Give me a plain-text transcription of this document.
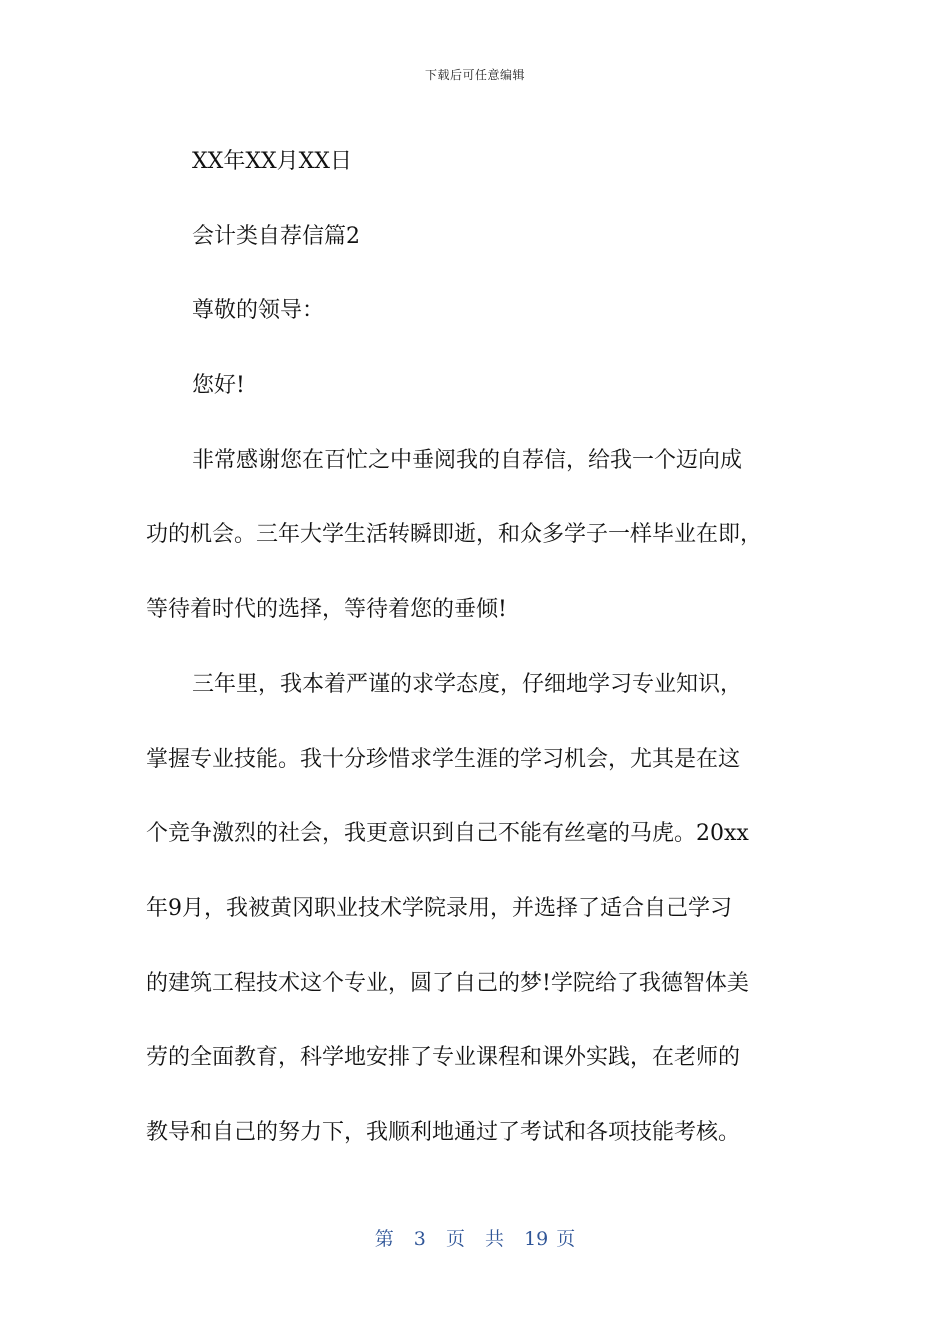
下载后可任意编辑
XX年XX月XX日
会计类自荐信篇2
尊敬的领导：
您好!
非常感谢您在百忙之中垂阅我的自荐信，给我一个迈向成
功的机会。三年大学生活转瞬即逝，和众多学子一样毕业在即，
等待着时代的选择，等待着您的垂倾!
三年里，我本着严谨的求学态度，仔细地学习专业知识，
掌握专业技能。我十分珍惜求学生涯的学习机会，尤其是在这
个竞争激烈的社会，我更意识到自己不能有丝毫的马虎。20xx
年9月，我被黄冈职业技术学院录用，并选择了适合自己学习
的建筑工程技术这个专业，圆了自己的梦!学院给了我德智体美
劳的全面教育，科学地安排了专业课程和课外实践，在老师的
教导和自己的努力下，我顺利地通过了考试和各项技能考核。
第 3 页 共 19 页
